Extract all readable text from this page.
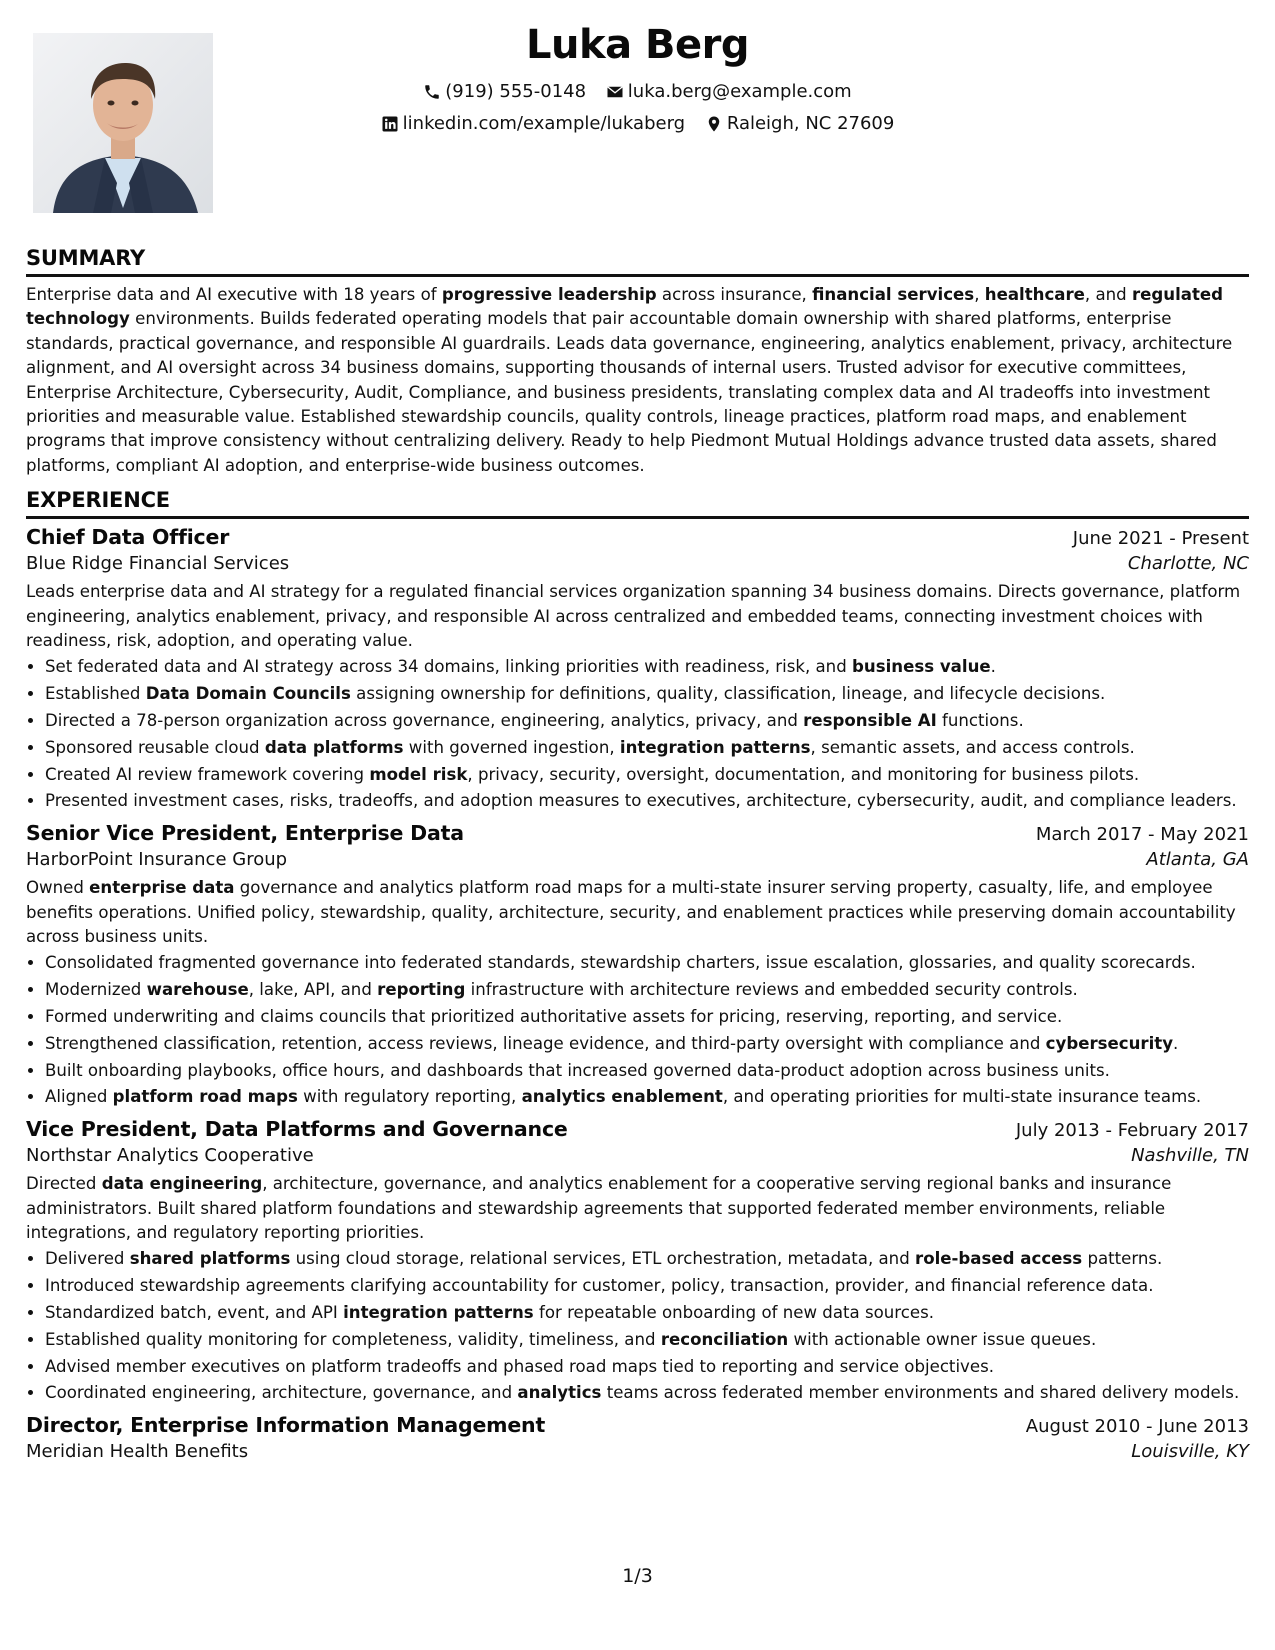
Luka Berg
(919) 555-0148
luka.berg@example.com
linkedin.com/example/lukaberg
Raleigh, NC 27609
SUMMARY

Enterprise data and AI executive with 18 years of progressive leadership across insurance, financial services, healthcare, and regulated technology environments. Builds federated operating models that pair accountable domain ownership with shared platforms, enterprise standards, practical governance, and responsible AI guardrails. Leads data governance, engineering, analytics enablement, privacy, architecture alignment, and AI oversight across 34 business domains, supporting thousands of internal users. Trusted advisor for executive committees, Enterprise Architecture, Cybersecurity, Audit, Compliance, and business presidents, translating complex data and AI tradeoffs into investment priorities and measurable value. Established stewardship councils, quality controls, lineage practices, platform road maps, and enablement programs that improve consistency without centralizing delivery. Ready to help Piedmont Mutual Holdings advance trusted data assets, shared platforms, compliant AI adoption, and enterprise-wide business outcomes.

EXPERIENCE
Chief Data Officer	June 2021 - Present
Blue Ridge Financial Services	Charlotte, NC

Leads enterprise data and AI strategy for a regulated financial services organization spanning 34 business domains. Directs governance, platform engineering, analytics enablement, privacy, and responsible AI across centralized and embedded teams, connecting investment choices with readiness, risk, adoption, and operating value.

• Set federated data and AI strategy across 34 domains, linking priorities with readiness, risk, and business value.
• Established Data Domain Councils assigning ownership for definitions, quality, classification, lineage, and lifecycle decisions.
• Directed a 78-person organization across governance, engineering, analytics, privacy, and responsible AI functions.
• Sponsored reusable cloud data platforms with governed ingestion, integration patterns, semantic assets, and access controls.
• Created AI review framework covering model risk, privacy, security, oversight, documentation, and monitoring for business pilots.
• Presented investment cases, risks, tradeoffs, and adoption measures to executives, architecture, cybersecurity, audit, and compliance leaders.
Senior Vice President, Enterprise Data	March 2017 - May 2021
HarborPoint Insurance Group	Atlanta, GA

Owned enterprise data governance and analytics platform road maps for a multi-state insurer serving property, casualty, life, and employee benefits operations. Unified policy, stewardship, quality, architecture, security, and enablement practices while preserving domain accountability across business units.

• Consolidated fragmented governance into federated standards, stewardship charters, issue escalation, glossaries, and quality scorecards.
• Modernized warehouse, lake, API, and reporting infrastructure with architecture reviews and embedded security controls.
• Formed underwriting and claims councils that prioritized authoritative assets for pricing, reserving, reporting, and service.
• Strengthened classification, retention, access reviews, lineage evidence, and third-party oversight with compliance and cybersecurity.
• Built onboarding playbooks, office hours, and dashboards that increased governed data-product adoption across business units.
• Aligned platform road maps with regulatory reporting, analytics enablement, and operating priorities for multi-state insurance teams.
Vice President, Data Platforms and Governance	July 2013 - February 2017
Northstar Analytics Cooperative	Nashville, TN

Directed data engineering, architecture, governance, and analytics enablement for a cooperative serving regional banks and insurance administrators. Built shared platform foundations and stewardship agreements that supported federated member environments, reliable integrations, and regulatory reporting priorities.

• Delivered shared platforms using cloud storage, relational services, ETL orchestration, metadata, and role-based access patterns.
• Introduced stewardship agreements clarifying accountability for customer, policy, transaction, provider, and financial reference data.
• Standardized batch, event, and API integration patterns for repeatable onboarding of new data sources.
• Established quality monitoring for completeness, validity, timeliness, and reconciliation with actionable owner issue queues.
• Advised member executives on platform tradeoffs and phased road maps tied to reporting and service objectives.
• Coordinated engineering, architecture, governance, and analytics teams across federated member environments and shared delivery models.
Director, Enterprise Information Management	August 2010 - June 2013
Meridian Health Benefits	Louisville, KY
1/3
